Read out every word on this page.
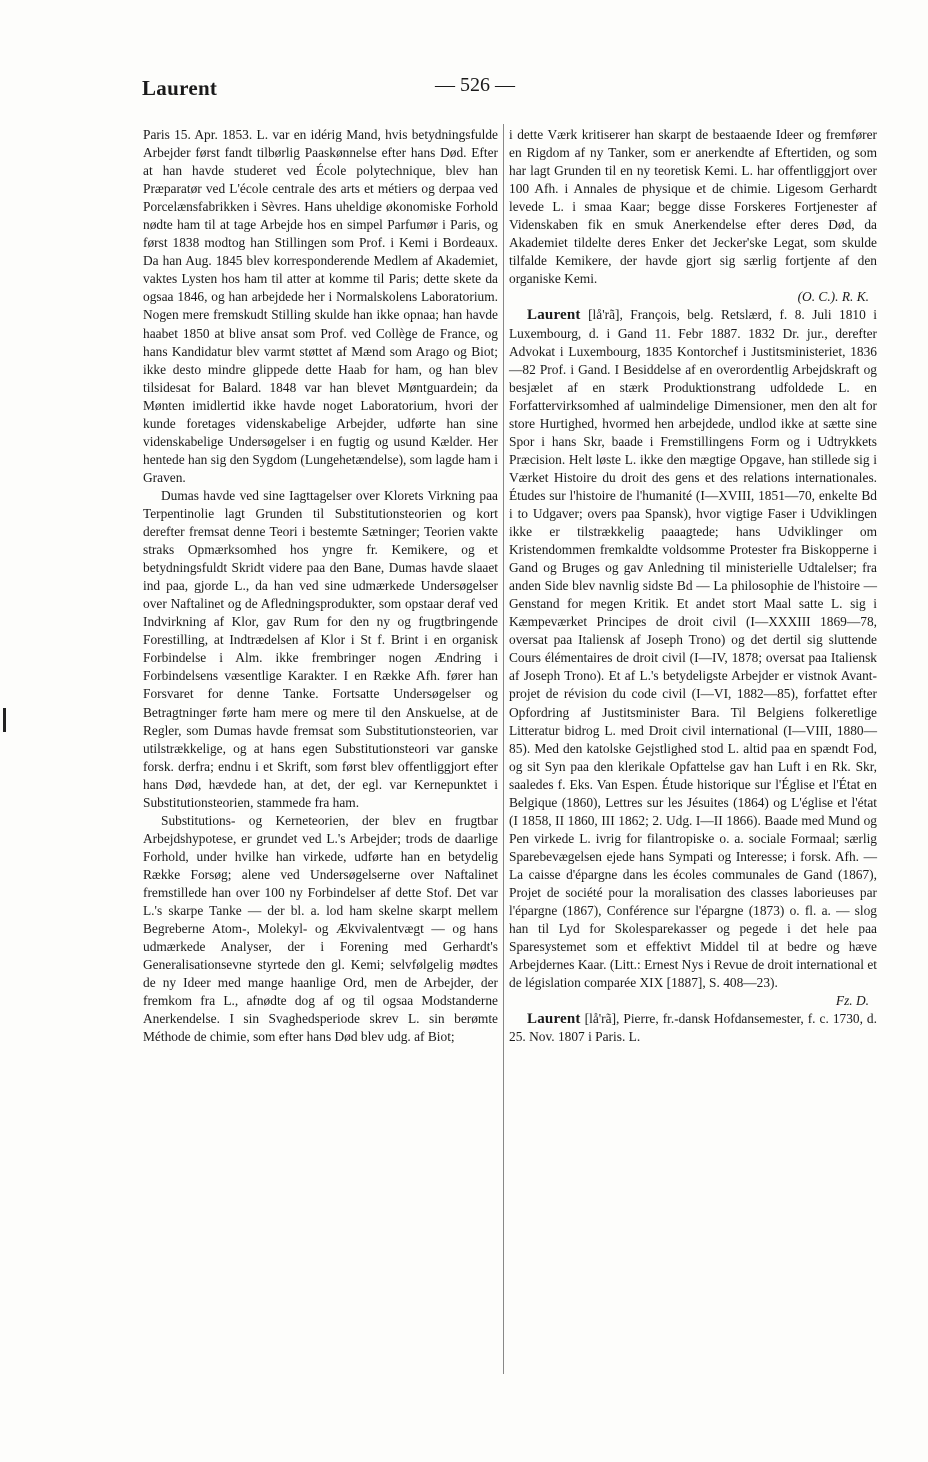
— 526 —
Laurent

Paris 15. Apr. 1853. L. var en idérig Mand, hvis betydningsfulde Arbejder først fandt tilbørlig Paaskønnelse efter hans Død. Efter at han havde studeret ved École polytechnique, blev han Præparatør ved L'école centrale des arts et métiers og derpaa ved Porcelænsfabrikken i Sèvres. Hans uheldige økonomiske Forhold nødte ham til at tage Arbejde hos en simpel Parfumør i Paris, og først 1838 modtog han Stillingen som Prof. i Kemi i Bordeaux. Da han Aug. 1845 blev korresponderende Medlem af Akademiet, vaktes Lysten hos ham til atter at komme til Paris; dette skete da ogsaa 1846, og han arbejdede her i Normalskolens Laboratorium. Nogen mere fremskudt Stilling skulde han ikke opnaa; han havde haabet 1850 at blive ansat som Prof. ved Collège de France, og hans Kandidatur blev varmt støttet af Mænd som Arago og Biot; ikke desto mindre glippede dette Haab for ham, og han blev tilsidesat for Balard. 1848 var han blevet Møntguardein; da Mønten imidlertid ikke havde noget Laboratorium, hvori der kunde foretages videnskabelige Arbejder, udførte han sine videnskabelige Undersøgelser i en fugtig og usund Kælder. Her hentede han sig den Sygdom (Lungehetændelse), som lagde ham i Graven.

Dumas havde ved sine Iagttagelser over Klorets Virkning paa Terpentinolie lagt Grunden til Substitutionsteorien og kort derefter fremsat denne Teori i bestemte Sætninger; Teorien vakte straks Opmærksomhed hos yngre fr. Kemikere, og et betydningsfuldt Skridt videre paa den Bane, Dumas havde slaaet ind paa, gjorde L., da han ved sine udmærkede Undersøgelser over Naftalinet og de Afledningsprodukter, som opstaar deraf ved Indvirkning af Klor, gav Rum for den ny og frugtbringende Forestilling, at Indtrædelsen af Klor i St f. Brint i en organisk Forbindelse i Alm. ikke frembringer nogen Ændring i Forbindelsens væsentlige Karakter. I en Række Afh. fører han Forsvaret for denne Tanke. Fortsatte Undersøgelser og Betragtninger førte ham mere og mere til den Anskuelse, at de Regler, som Dumas havde fremsat som Substitutionsteorien, var utilstrækkelige, og at hans egen Substitutionsteori var ganske forsk. derfra; endnu i et Skrift, som først blev offentliggjort efter hans Død, hævdede han, at det, der egl. var Kernepunktet i Substitutionsteorien, stammede fra ham.

Substitutions- og Kerneteorien, der blev en frugtbar Arbejdshypotese, er grundet ved L.'s Arbejder; trods de daarlige Forhold, under hvilke han virkede, udførte han en betydelig Række Forsøg; alene ved Undersøgelserne over Naftalinet fremstillede han over 100 ny Forbindelser af dette Stof. Det var L.'s skarpe Tanke — der bl. a. lod ham skelne skarpt mellem Begreberne Atom-, Molekyl- og Ækvivalentvægt — og hans udmærkede Analyser, der i Forening med Gerhardt's Generalisationsevne styrtede den gl. Kemi; selvfølgelig mødtes de ny Ideer med mange haanlige Ord, men de Arbejder, der fremkom fra L., afnødte dog af og til ogsaa Modstanderne Anerkendelse. I sin Svaghedsperiode skrev L. sin berømte Méthode de chimie, som efter hans Død blev udg. af Biot;

i dette Værk kritiserer han skarpt de bestaaende Ideer og fremfører en Rigdom af ny Tanker, som er anerkendte af Eftertiden, og som har lagt Grunden til en ny teoretisk Kemi. L. har offentliggjort over 100 Afh. i Annales de physique et de chimie. Ligesom Gerhardt levede L. i smaa Kaar; begge disse Forskeres Fortjenester af Videnskaben fik en smuk Anerkendelse efter deres Død, da Akademiet tildelte deres Enker det Jecker'ske Legat, som skulde tilfalde Kemikere, der havde gjort sig særlig fortjente af den organiske Kemi.

(O. C.). R. K.

Laurent [lå'rã], François, belg. Retslærd, f. 8. Juli 1810 i Luxembourg, d. i Gand 11. Febr 1887. 1832 Dr. jur., derefter Advokat i Luxembourg, 1835 Kontorchef i Justitsministeriet, 1836—82 Prof. i Gand. I Besiddelse af en overordentlig Arbejdskraft og besjælet af en stærk Produktionstrang udfoldede L. en Forfattervirksomhed af ualmindelige Dimensioner, men den alt for store Hurtighed, hvormed hen arbejdede, undlod ikke at sætte sine Spor i hans Skr, baade i Fremstillingens Form og i Udtrykkets Præcision. Helt løste L. ikke den mægtige Opgave, han stillede sig i Værket Histoire du droit des gens et des relations internationales. Études sur l'histoire de l'humanité (I—XVIII, 1851—70, enkelte Bd i to Udgaver; overs paa Spansk), hvor vigtige Faser i Udviklingen ikke er tilstrækkelig paaagtede; hans Udviklinger om Kristendommen fremkaldte voldsomme Protester fra Biskopperne i Gand og Bruges og gav Anledning til ministerielle Udtalelser; fra anden Side blev navnlig sidste Bd — La philosophie de l'histoire — Genstand for megen Kritik. Et andet stort Maal satte L. sig i Kæmpeværket Principes de droit civil (I—XXXIII 1869—78, oversat paa Italiensk af Joseph Trono) og det dertil sig sluttende Cours élémentaires de droit civil (I—IV, 1878; oversat paa Italiensk af Joseph Trono). Et af L.'s betydeligste Arbejder er vistnok Avant-projet de révision du code civil (I—VI, 1882—85), forfattet efter Opfordring af Justitsminister Bara. Til Belgiens folkeretlige Litteratur bidrog L. med Droit civil international (I—VIII, 1880—85). Med den katolske Gejstlighed stod L. altid paa en spændt Fod, og sit Syn paa den klerikale Opfattelse gav han Luft i en Rk. Skr, saaledes f. Eks. Van Espen. Étude historique sur l'Église et l'État en Belgique (1860), Lettres sur les Jésuites (1864) og L'église et l'état (I 1858, II 1860, III 1862; 2. Udg. I—II 1866). Baade med Mund og Pen virkede L. ivrig for filantropiske o. a. sociale Formaal; særlig Sparebevægelsen ejede hans Sympati og Interesse; i forsk. Afh. — La caisse d'épargne dans les écoles communales de Gand (1867), Projet de société pour la moralisation des classes laborieuses par l'épargne (1867), Conférence sur l'épargne (1873) o. fl. a. — slog han til Lyd for Skolesparekasser og pegede i det hele paa Sparesystemet som et effektivt Middel til at bedre og hæve Arbejdernes Kaar. (Litt.: Ernest Nys i Revue de droit international et de législation comparée XIX [1887], S. 408—23).

Fz. D.

Laurent [lå'rã], Pierre, fr.-dansk Hofdansemester, f. c. 1730, d. 25. Nov. 1807 i Paris. L.
